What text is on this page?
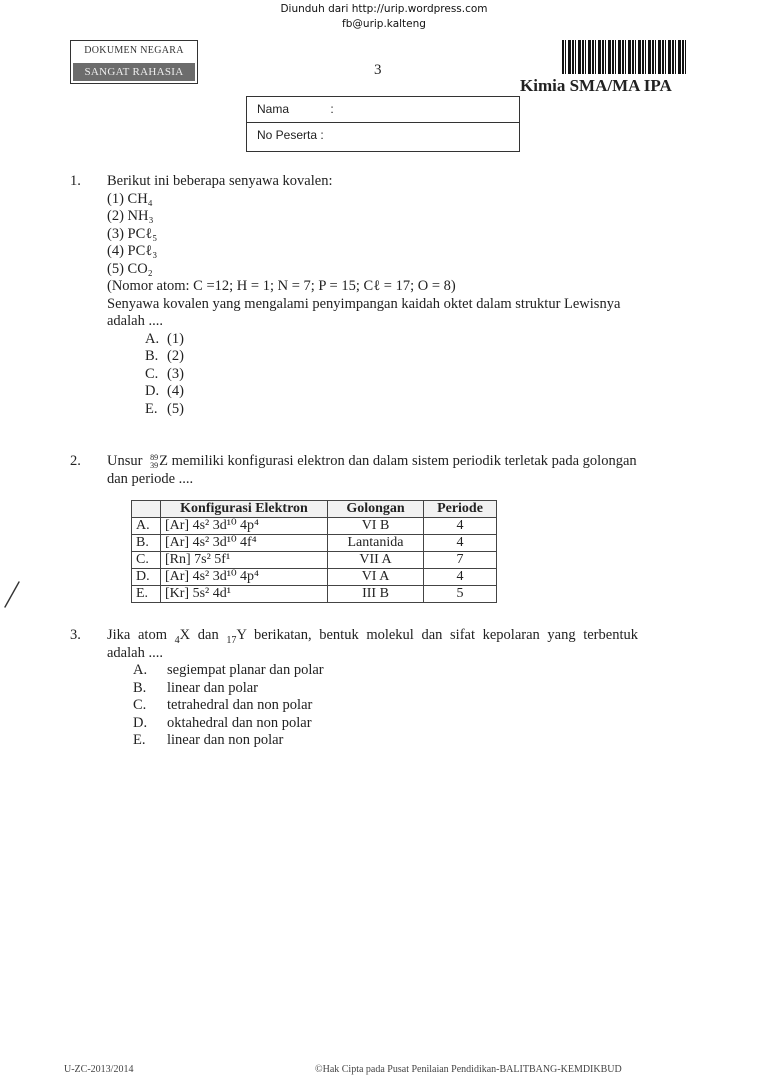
Diunduh dari http://urip.wordpress.com
fb@urip.kalteng
DOKUMEN NEGARA
SANGAT RAHASIA	3
Kimia SMA/MA IPA
Nama	:
No Peserta :
1. Berikut ini beberapa senyawa kovalen:
(1) CH₄
(2) NH₃
(3) PCℓ₅
(4) PCℓ₃
(5) CO₂
(Nomor atom: C =12; H = 1; N = 7; P = 15; Cℓ = 17; O = 8)
Senyawa kovalen yang mengalami penyimpangan kaidah oktet dalam struktur Lewisnya
adalah ....
A. (1)
B. (2)
C. (3)
D. (4)
E. (5)
2. Unsur 89
39 Z memiliki konfigurasi elektron dan dalam sistem periodik terletak pada golongan
dan periode ....
	Konfigurasi Elektron	Golongan	Periode
A.	[Ar] 4s² 3d¹⁰ 4p⁴	VI B	4
B.	[Ar] 4s² 3d¹⁰ 4f⁴	Lantanida	4
C.	[Rn] 7s² 5f¹	VII A	7
D.	[Ar] 4s² 3d¹⁰ 4p⁴	VI A	4
E.	[Kr] 5s² 4d¹	III B	5
3. Jika atom $_4$X dan $_{17}$Y berikatan, bentuk molekul dan sifat kepolaran yang terbentuk
adalah ....
A. segiempat planar dan polar
B. linear dan polar
C. tetrahedral dan non polar
D. oktahedral dan non polar
E. linear dan non polar
U-ZC-2013/2014	©Hak Cipta pada Pusat Penilaian Pendidikan-BALITBANG-KEMDIKBUD
